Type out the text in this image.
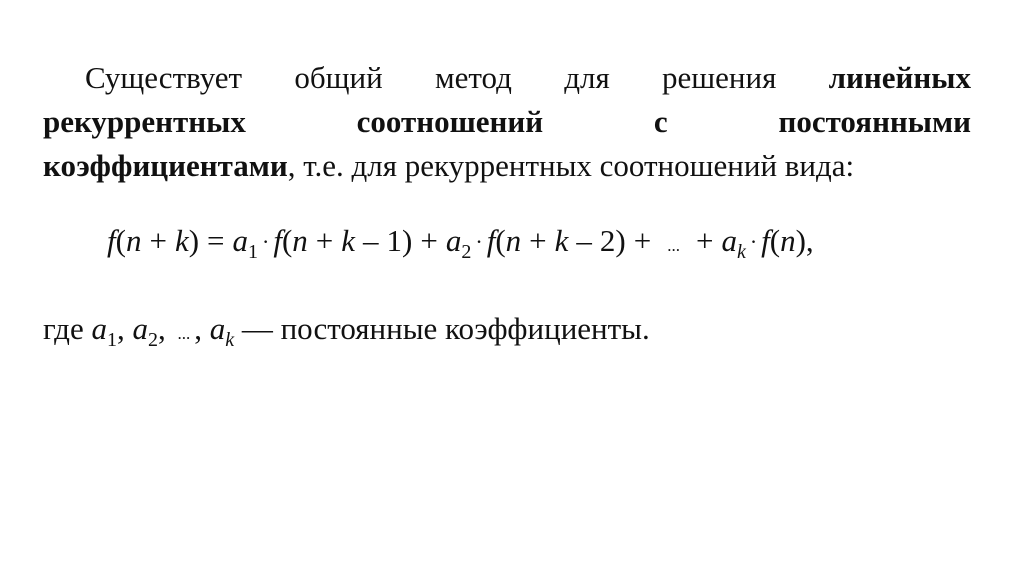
Существует общий метод для решения линейных
рекуррентных	соотношений	с	постоянными
коэффициентами, т.е. для рекуррентных соотношений вида:
$f(n + k) = a_1 \cdot f(n + k - 1) + a_2 \cdot f(n + k - 2)$ + ... + $a_k \cdot f(n)$,
где $a_1$, $a_2$, ... , $a_k$ — постоянные коэффициенты.
